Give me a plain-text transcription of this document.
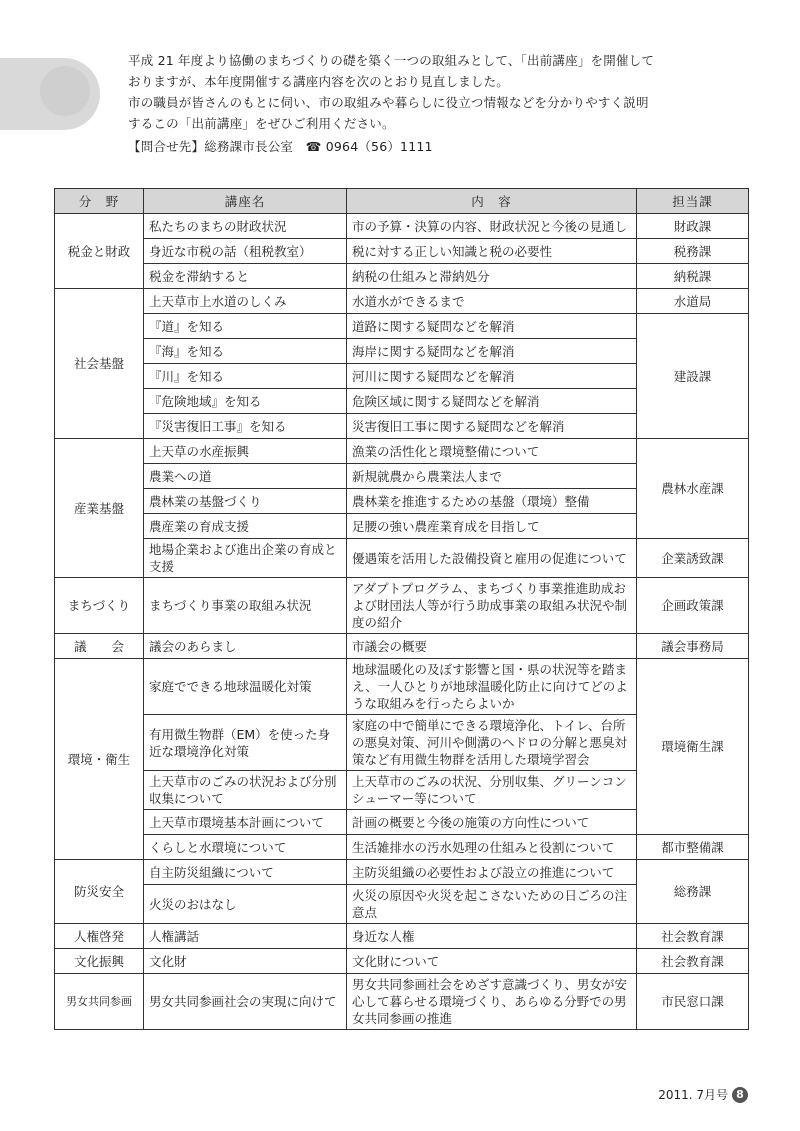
平成 21 年度より協働のまちづくりの礎を築く一つの取組みとして、「出前講座」を開催して

おりますが、本年度開催する講座内容を次のとおり見直しました。

市の職員が皆さんのもとに伺い、市の取組みや暮らしに役立つ情報などを分かりやすく説明

するこの「出前講座」をぜひご利用ください。

【問合せ先】総務課市長公室　☎ 0964（56）1111

分　野	講座名	内　容	担当課
税金と財政	私たちのまちの財政状況	市の予算・決算の内容、財政状況と今後の見通し	財政課
	身近な市税の話（租税教室）	税に対する正しい知識と税の必要性	税務課
	税金を滞納すると	納税の仕組みと滞納処分	納税課
社会基盤	上天草市上水道のしくみ	水道水ができるまで	水道局
	『道』を知る	道路に関する疑問などを解消	建設課
	『海』を知る	海岸に関する疑問などを解消	
	『川』を知る	河川に関する疑問などを解消	
	『危険地域』を知る	危険区域に関する疑問などを解消	
	『災害復旧工事』を知る	災害復旧工事に関する疑問などを解消	
産業基盤	上天草の水産振興	漁業の活性化と環境整備について	農林水産課
	農業への道	新規就農から農業法人まで	
	農林業の基盤づくり	農林業を推進するための基盤（環境）整備	
	農産業の育成支援	足腰の強い農産業育成を目指して	
	地場企業および進出企業の育成と支援	優遇策を活用した設備投資と雇用の促進について	企業誘致課
まちづくり	まちづくり事業の取組み状況	アダプトプログラム、まちづくり事業推進助成および財団法人等が行う助成事業の取組み状況や制度の紹介	企画政策課
議　　会	議会のあらまし	市議会の概要	議会事務局
環境・衛生	家庭でできる地球温暖化対策	地球温暖化の及ぼす影響と国・県の状況等を踏まえ、一人ひとりが地球温暖化防止に向けてどのような取組みを行ったらよいか	環境衛生課
	有用微生物群（EM）を使った身近な環境浄化対策	家庭の中で簡単にできる環境浄化、トイレ、台所の悪臭対策、河川や側溝のヘドロの分解と悪臭対策など有用微生物群を活用した環境学習会	
	上天草市のごみの状況および分別収集について	上天草市のごみの状況、分別収集、グリーンコンシューマー等について	
	上天草市環境基本計画について	計画の概要と今後の施策の方向性について	
	くらしと水環境について	生活雑排水の汚水処理の仕組みと役割について	都市整備課
防災安全	自主防災組織について	主防災組織の必要性および設立の推進について	総務課
	火災のおはなし	火災の原因や火災を起こさないための日ごろの注意点	
人権啓発	人権講話	身近な人権	社会教育課
文化振興	文化財	文化財について	社会教育課
男女共同参画	男女共同参画社会の実現に向けて	男女共同参画社会をめざす意識づくり、男女が安心して暮らせる環境づくり、あらゆる分野での男女共同参画の推進	市民窓口課
2011. 7月号 8
